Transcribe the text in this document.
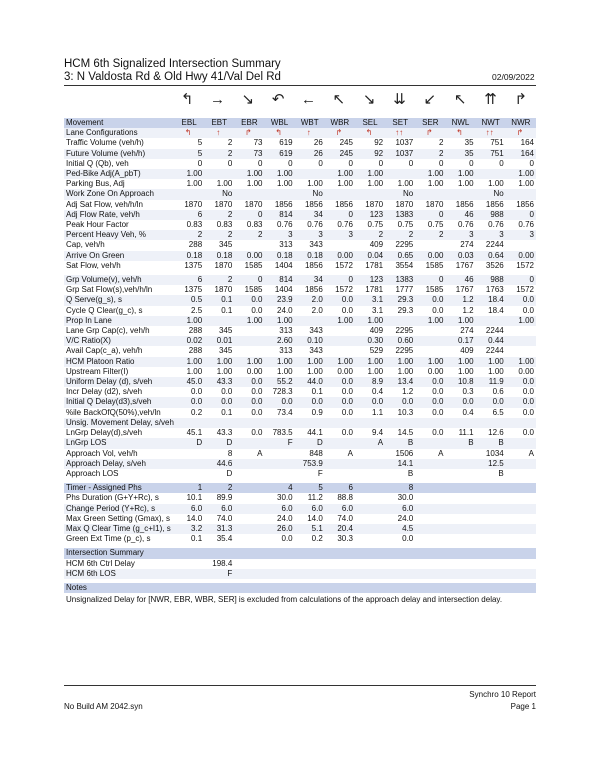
HCM 6th Signalized Intersection Summary
3: N Valdosta Rd & Old Hwy 41/Val Del Rd	02/09/2022
↰	→	↘	↶	←	↖	↘	⇊	↙	↖	⇈	↱
Movement	EBL	EBT	EBR	WBL	WBT	WBR	SEL	SET	SER	NWL	NWT	NWR
Lane Configurations	↰	↑	↱	↰	↑	↱	↰	↑↑	↱	↰	↑↑	↱
Traffic Volume (veh/h)	5	2	73	619	26	245	92	1037	2	35	751	164
Future Volume (veh/h)	5	2	73	619	26	245	92	1037	2	35	751	164
Initial Q (Qb), veh	0	0	0	0	0	0	0	0	0	0	0	0
Ped-Bike Adj(A_pbT)	1.00		1.00	1.00		1.00	1.00		1.00	1.00		1.00
Parking Bus, Adj	1.00	1.00	1.00	1.00	1.00	1.00	1.00	1.00	1.00	1.00	1.00	1.00
Work Zone On Approach		No			No			No			No	
Adj Sat Flow, veh/h/ln	1870	1870	1870	1856	1856	1856	1870	1870	1870	1856	1856	1856
Adj Flow Rate, veh/h	6	2	0	814	34	0	123	1383	0	46	988	0
Peak Hour Factor	0.83	0.83	0.83	0.76	0.76	0.76	0.75	0.75	0.75	0.76	0.76	0.76
Percent Heavy Veh, %	2	2	2	3	3	3	2	2	2	3	3	3
Cap, veh/h	288	345		313	343		409	2295		274	2244	
Arrive On Green	0.18	0.18	0.00	0.18	0.18	0.00	0.04	0.65	0.00	0.03	0.64	0.00
Sat Flow, veh/h	1375	1870	1585	1404	1856	1572	1781	3554	1585	1767	3526	1572

Grp Volume(v), veh/h	6	2	0	814	34	0	123	1383	0	46	988	0
Grp Sat Flow(s),veh/h/ln	1375	1870	1585	1404	1856	1572	1781	1777	1585	1767	1763	1572
Q Serve(g_s), s	0.5	0.1	0.0	23.9	2.0	0.0	3.1	29.3	0.0	1.2	18.4	0.0
Cycle Q Clear(g_c), s	2.5	0.1	0.0	24.0	2.0	0.0	3.1	29.3	0.0	1.2	18.4	0.0
Prop In Lane	1.00		1.00	1.00		1.00	1.00		1.00	1.00		1.00
Lane Grp Cap(c), veh/h	288	345		313	343		409	2295		274	2244	
V/C Ratio(X)	0.02	0.01		2.60	0.10		0.30	0.60		0.17	0.44	
Avail Cap(c_a), veh/h	288	345		313	343		529	2295		409	2244	
HCM Platoon Ratio	1.00	1.00	1.00	1.00	1.00	1.00	1.00	1.00	1.00	1.00	1.00	1.00
Upstream Filter(I)	1.00	1.00	0.00	1.00	1.00	0.00	1.00	1.00	0.00	1.00	1.00	0.00
Uniform Delay (d), s/veh	45.0	43.3	0.0	55.2	44.0	0.0	8.9	13.4	0.0	10.8	11.9	0.0
Incr Delay (d2), s/veh	0.0	0.0	0.0	728.3	0.1	0.0	0.4	1.2	0.0	0.3	0.6	0.0
Initial Q Delay(d3),s/veh	0.0	0.0	0.0	0.0	0.0	0.0	0.0	0.0	0.0	0.0	0.0	0.0
%ile BackOfQ(50%),veh/ln	0.2	0.1	0.0	73.4	0.9	0.0	1.1	10.3	0.0	0.4	6.5	0.0
Unsig. Movement Delay, s/veh												
LnGrp Delay(d),s/veh	45.1	43.3	0.0	783.5	44.1	0.0	9.4	14.5	0.0	11.1	12.6	0.0
LnGrp LOS	D	D		F	D		A	B		B	B	
Approach Vol, veh/h		8	A		848	A		1506	A		1034	A
Approach Delay, s/veh		44.6			753.9			14.1			12.5	
Approach LOS		D			F			B			B	

Timer - Assigned Phs	1	2		4	5	6		8				
Phs Duration (G+Y+Rc), s	10.1	89.9		30.0	11.2	88.8		30.0				
Change Period (Y+Rc), s	6.0	6.0		6.0	6.0	6.0		6.0				
Max Green Setting (Gmax), s	14.0	74.0		24.0	14.0	74.0		24.0				
Max Q Clear Time (g_c+I1), s	3.2	31.3		26.0	5.1	20.4		4.5				
Green Ext Time (p_c), s	0.1	35.4		0.0	0.2	30.3		0.0				

Intersection Summary												
HCM 6th Ctrl Delay		198.4										
HCM 6th LOS		F										

Notes												
Unsignalized Delay for [NWR, EBR, WBR, SER] is excluded from calculations of the approach delay and intersection delay.												
No Build AM 2042.syn
Synchro 10 Report
Page 1
